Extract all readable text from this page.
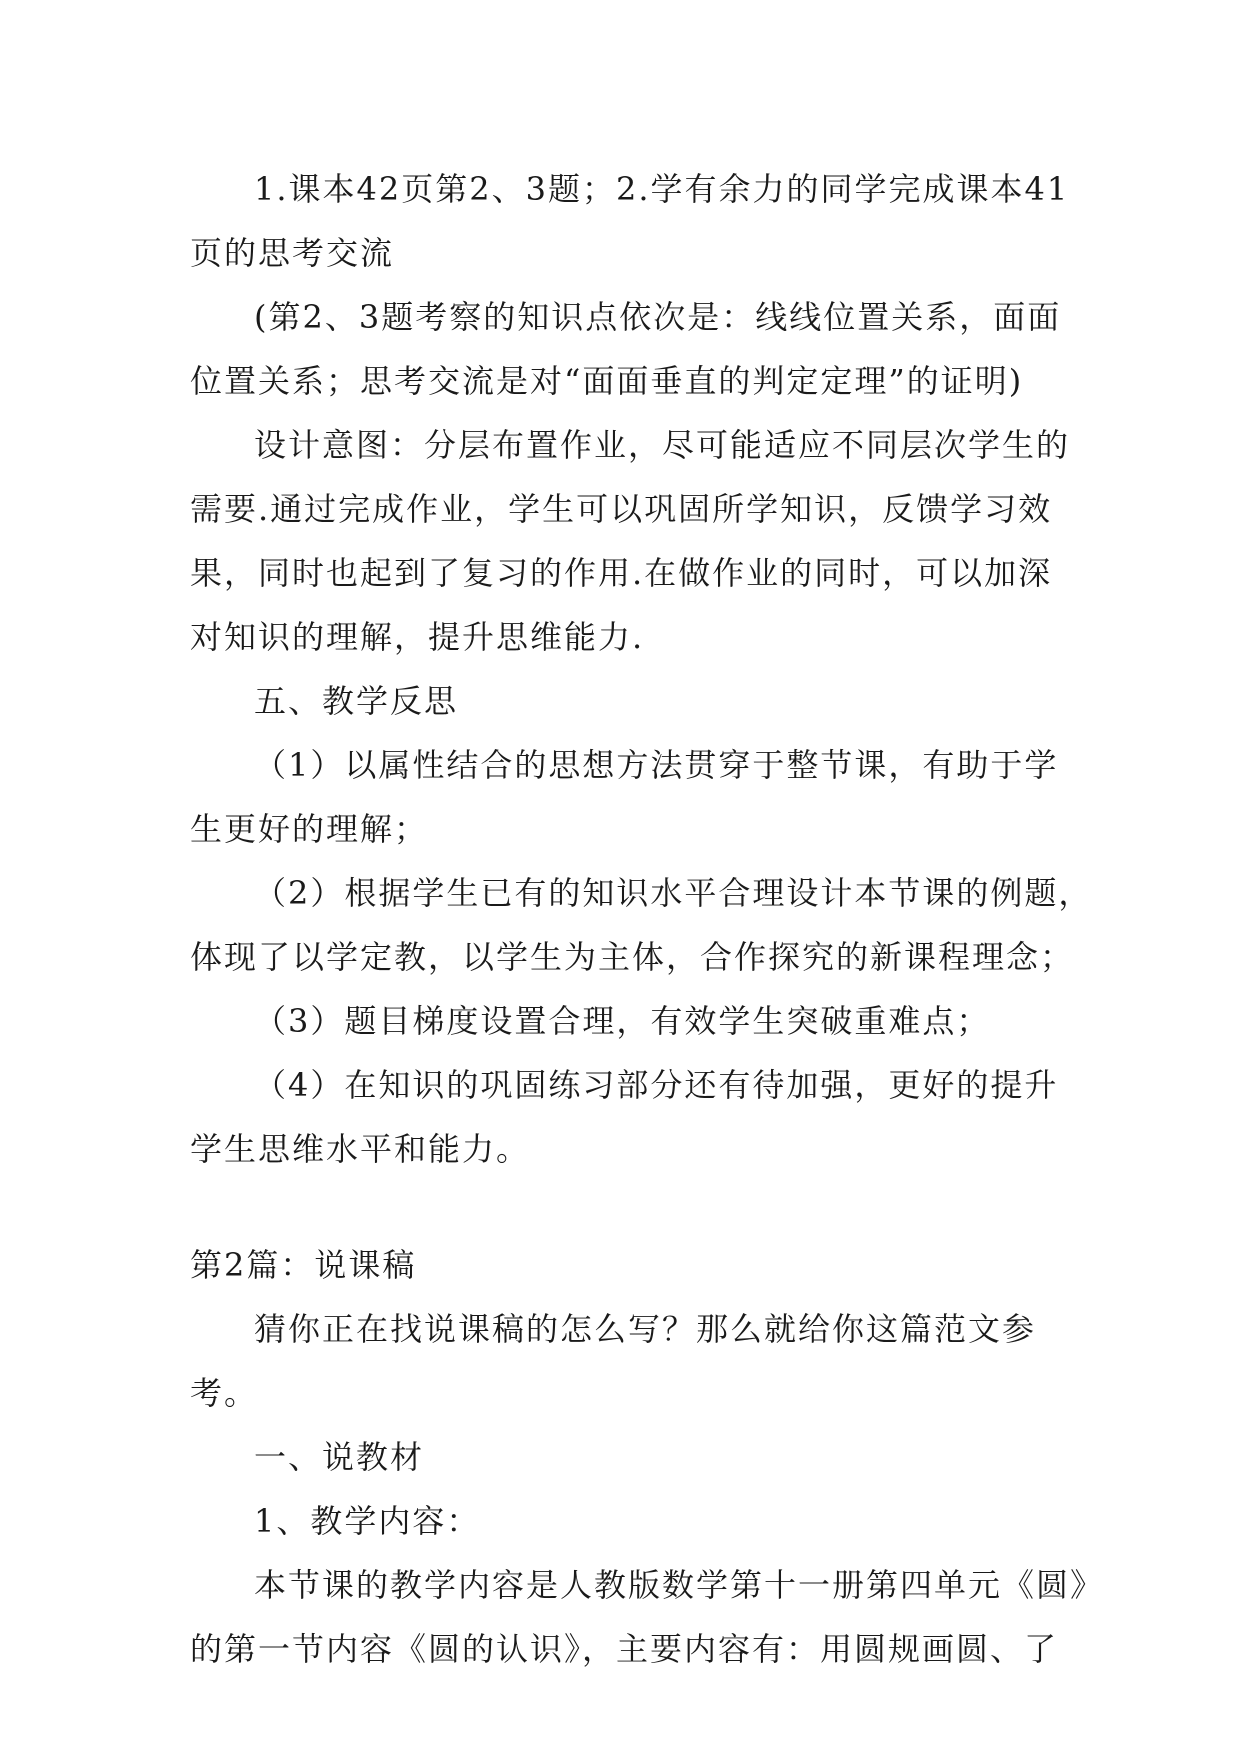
1.课本42页第2、3题；2.学有余力的同学完成课本41
页的思考交流
(第2、3题考察的知识点依次是：线线位置关系，面面
位置关系；思考交流是对“面面垂直的判定定理”的证明)
设计意图：分层布置作业，尽可能适应不同层次学生的
需要.通过完成作业，学生可以巩固所学知识，反馈学习效
果，同时也起到了复习的作用.在做作业的同时，可以加深
对知识的理解，提升思维能力.
五、教学反思
（1）以属性结合的思想方法贯穿于整节课，有助于学
生更好的理解；
（2）根据学生已有的知识水平合理设计本节课的例题，
体现了以学定教，以学生为主体，合作探究的新课程理念；
（3）题目梯度设置合理，有效学生突破重难点；
（4）在知识的巩固练习部分还有待加强，更好的提升
学生思维水平和能力。
第2篇：说课稿
猜你正在找说课稿的怎么写？那么就给你这篇范文参
考。
一、说教材
1、教学内容：
本节课的教学内容是人教版数学第十一册第四单元《圆》
的第一节内容《圆的认识》，主要内容有：用圆规画圆、了
